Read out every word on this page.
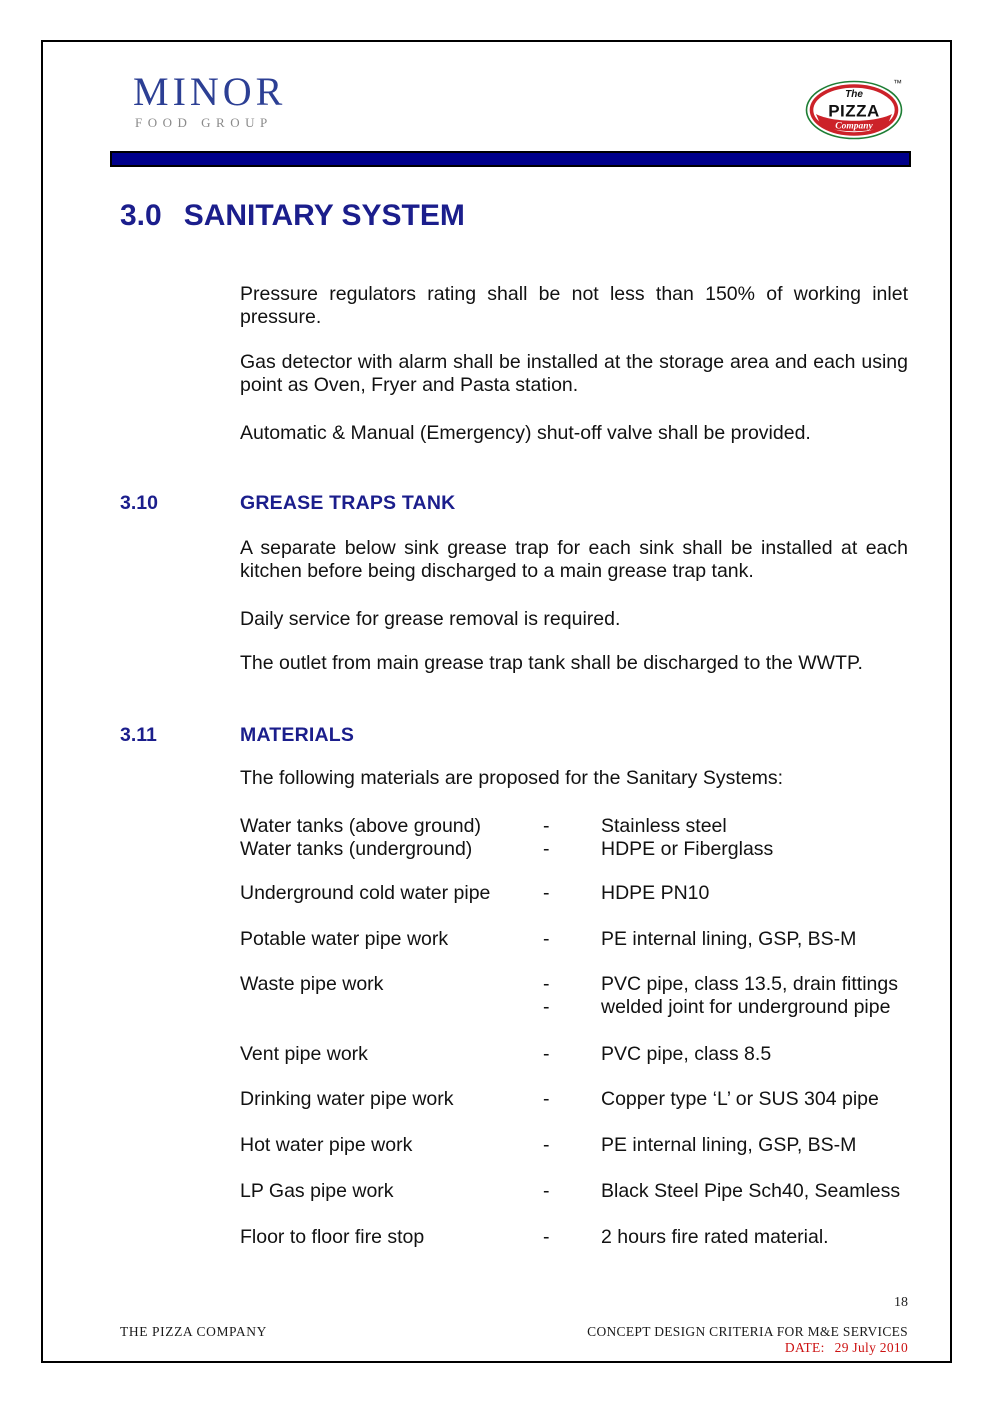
MINOR
FOOD GROUP
The
PIZZA
Company
™
3.0 SANITARY SYSTEM
Pressure regulators rating shall be not less than 150% of working inlet pressure.
Gas detector with alarm shall be installed at the storage area and each using point as Oven, Fryer and Pasta station.
Automatic & Manual (Emergency) shut-off valve shall be provided.
3.10	GREASE TRAPS TANK
A separate below sink grease trap for each sink shall be installed at each kitchen before being discharged to a main grease trap tank.
Daily service for grease removal is required.
The outlet from main grease trap tank shall be discharged to the WWTP.
3.11	MATERIALS
The following materials are proposed for the Sanitary Systems:
Water tanks (above ground)	-	Stainless steel
Water tanks (underground)	-	HDPE or Fiberglass
Underground cold water pipe	-	HDPE PN10
Potable water pipe work	-	PE internal lining, GSP, BS-M
Waste pipe work	-	PVC pipe, class 13.5, drain fittings
-	welded joint for underground pipe
Vent pipe work	-	PVC pipe, class 8.5
Drinking water pipe work	-	Copper type ‘L’ or SUS 304 pipe
Hot water pipe work	-	PE internal lining, GSP, BS-M
LP Gas pipe work	-	Black Steel Pipe Sch40, Seamless
Floor to floor fire stop	-	2 hours fire rated material.
18
THE PIZZA COMPANY	CONCEPT DESIGN CRITERIA FOR M&E SERVICES
DATE: 29 July 2010
